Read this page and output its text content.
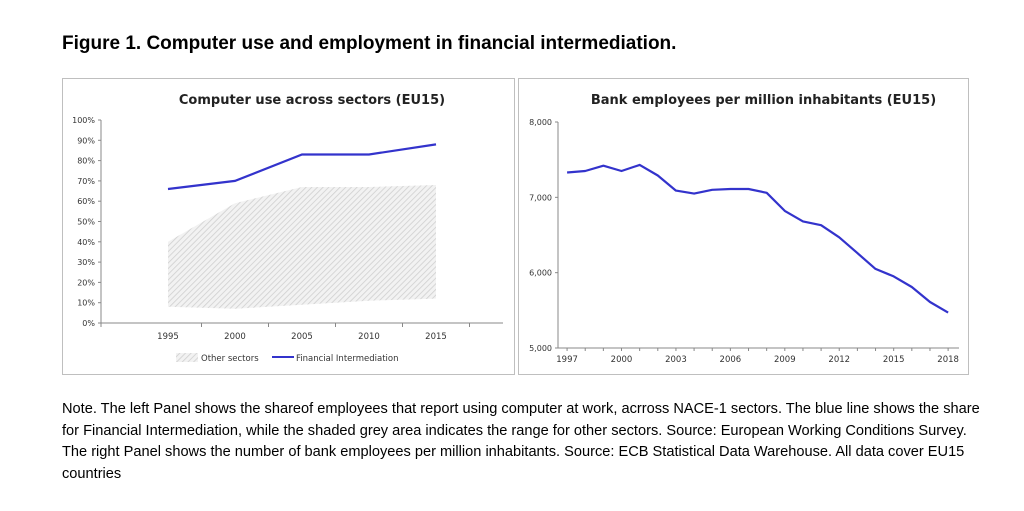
Figure 1. Computer use and employment in financial intermediation.
Computer use across sectors (EU15)
0%
10%
20%
30%
40%
50%
60%
70%
80%
90%
100%
1995	2000	2005	2010	2015
Other sectors	Financial Intermediation
Bank employees per million inhabitants (EU15)
5,000
6,000
7,000
8,000
1997	2000	2003	2006	2009	2012	2015	2018
Note. The left Panel shows the shareof employees that report using computer at work, acrross NACE-1 sectors. The blue line shows the share for Financial Intermediation, while the shaded grey area indicates the range for other sectors. Source: European Working Conditions Survey. The right Panel shows the number of bank employees per million inhabitants. Source: ECB Statistical Data Warehouse. All data cover EU15 countries
